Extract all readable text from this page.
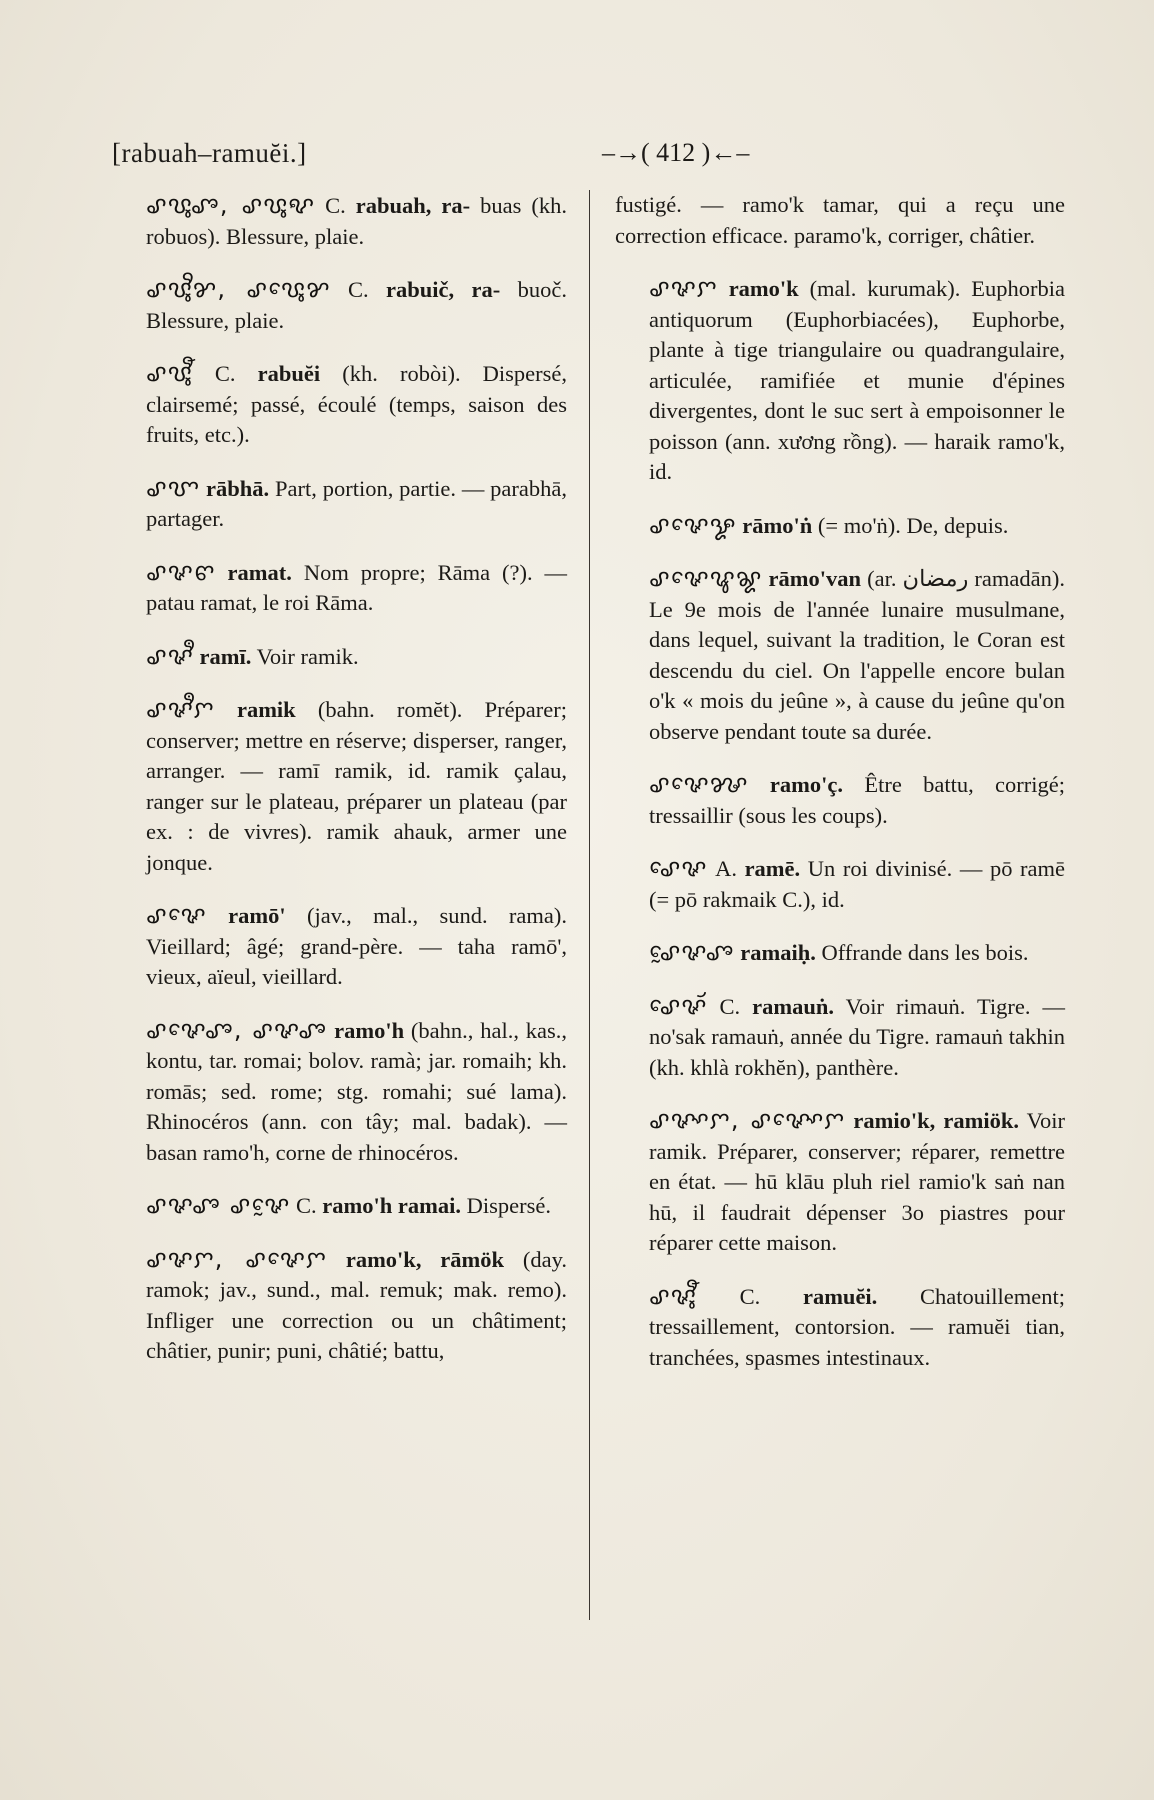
[rabuah–ramuĕi.]	–→( 412 )←–

ꨣꨝꨶꨨ, ꨣꨝꨶꨦ C. rabuah, ra- buas (kh. robuos). Blessure, plaie.

ꨣꨝꨶꨪꨌ, ꨣꨝꨶꨯꨌ C. rabuič, ra- buoč. Blessure, plaie.

ꨣꨝꨶꨬ C. rabuĕi (kh. robòi). Dispersé, clairsemé; passé, écoulé (temps, saison des fruits, etc.).

ꨣꨞ rābhā. Part, portion, partie. — parabhā, partager.

ꨣꨟꨓ ramat. Nom propre; Rāma (?). — patau ramat, le roi Rāma.

ꨣꨟꨫ ramī. Voir ramik.

ꨣꨟꨫꨆ ramik (bahn. romĕt). Préparer; conserver; mettre en réserve; disperser, ranger, arranger. — ramī ramik, id. ramik çalau, ranger sur le plateau, préparer un plateau (par ex. : de vivres). ramik ahauk, armer une jonque.

ꨣꨟꨯ ramō' (jav., mal., sund. rama). Vieillard; âgé; grand-père. — taha ramō', vieux, aïeul, vieillard.

ꨣꨟꨯꨨ, ꨣꨟꨨ ramo'h (bahn., hal., kas., kontu, tar. romai; bolov. ramà; jar. romaih; kh. romās; sed. rome; stg. romahi; sué lama). Rhinocéros (ann. con tây; mal. badak). — basan ramo'h, corne de rhinocéros.

ꨣꨟꨨ ꨣꨟꨰ C. ramo'h ramai. Dispersé.

ꨣꨟꨆ, ꨣꨟꨯꨆ ramo'k, rāmök (day. ramok; jav., sund., mal. remuk; mak. remo). Infliger une correction ou un châtiment; châtier, punir; puni, châtié; battu,

fustigé. — ramo'k tamar, qui a reçu une correction efficace. paramo'k, corriger, châtier.

ꨣꨟꨆ ramo'k (mal. kurumak). Euphorbia antiquorum (Euphorbiacées), Euphorbe, plante à tige triangulaire ou quadrangulaire, articulée, ramifiée et munie d'épines divergentes, dont le suc sert à empoisonner le poisson (ann. xương rồng). — haraik ramo'k, id.

ꨣꨟꨯꨋ rāmo'ṅ (= mo'ṅ). De, depuis.

ꨣꨟꨯꨥꨘ rāmo'van (ar. رمضان ramadān). Le 9e mois de l'année lunaire musulmane, dans lequel, suivant la tradition, le Coran est descendu du ciel. On l'appelle encore bulan o'k « mois du jeûne », à cause du jeûne qu'on observe pendant toute sa durée.

ꨣꨟꨯꨍ ramo'ç. Être battu, corrigé; tressaillir (sous les coups).

ꨣꨯꨟ A. ramē. Un roi divinisé. — pō ramē (= pō rakmaik C.), id.

ꨣꨰꨟꨨ ramaiḥ. Offrande dans les bois.

ꨣꨯꨟꨮ C. ramauṅ. Voir rimauṅ. Tigre. — no'sak ramauṅ, année du Tigre. ramauṅ takhin (kh. khlà rokhĕn), panthère.

ꨣꨟꨳꨆ, ꨣꨟꨳꨯꨆ ramio'k, ramiök. Voir ramik. Préparer, conserver; réparer, remettre en état. — hū klāu pluh riel ramio'k saṅ nan hū, il faudrait dépenser 3o piastres pour réparer cette maison.

ꨣꨟꨶꨬ C. ramuĕi. Chatouillement; tressaillement, contorsion. — ramuĕi tian, tranchées, spasmes intestinaux.
